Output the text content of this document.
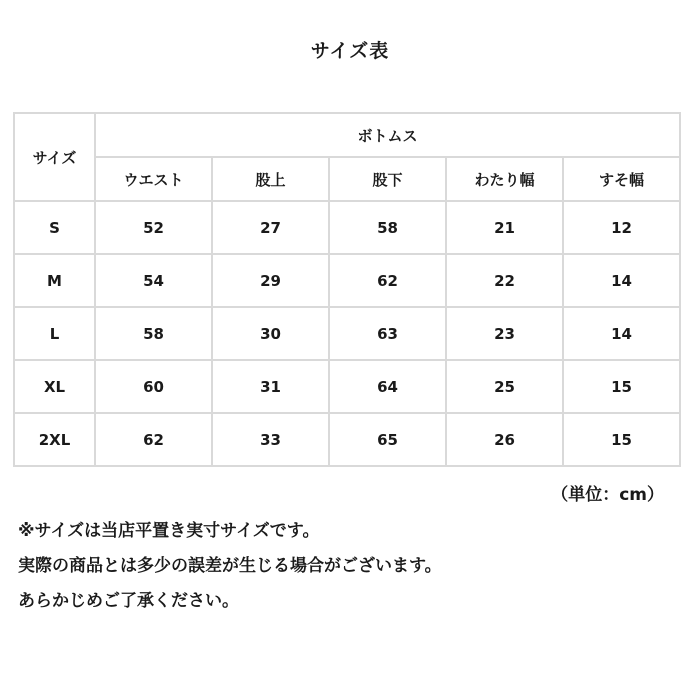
サイズ表
サイズ	ボトムス				
	ウエスト	股上	股下	わたり幅	すそ幅
S	52	27	58	21	12
M	54	29	62	22	14
L	58	30	63	23	14
XL	60	31	64	25	15
2XL	62	33	65	26	15
（単位：cm）
※サイズは当店平置き実寸サイズです。
実際の商品とは多少の誤差が生じる場合がございます。
あらかじめご了承ください。
